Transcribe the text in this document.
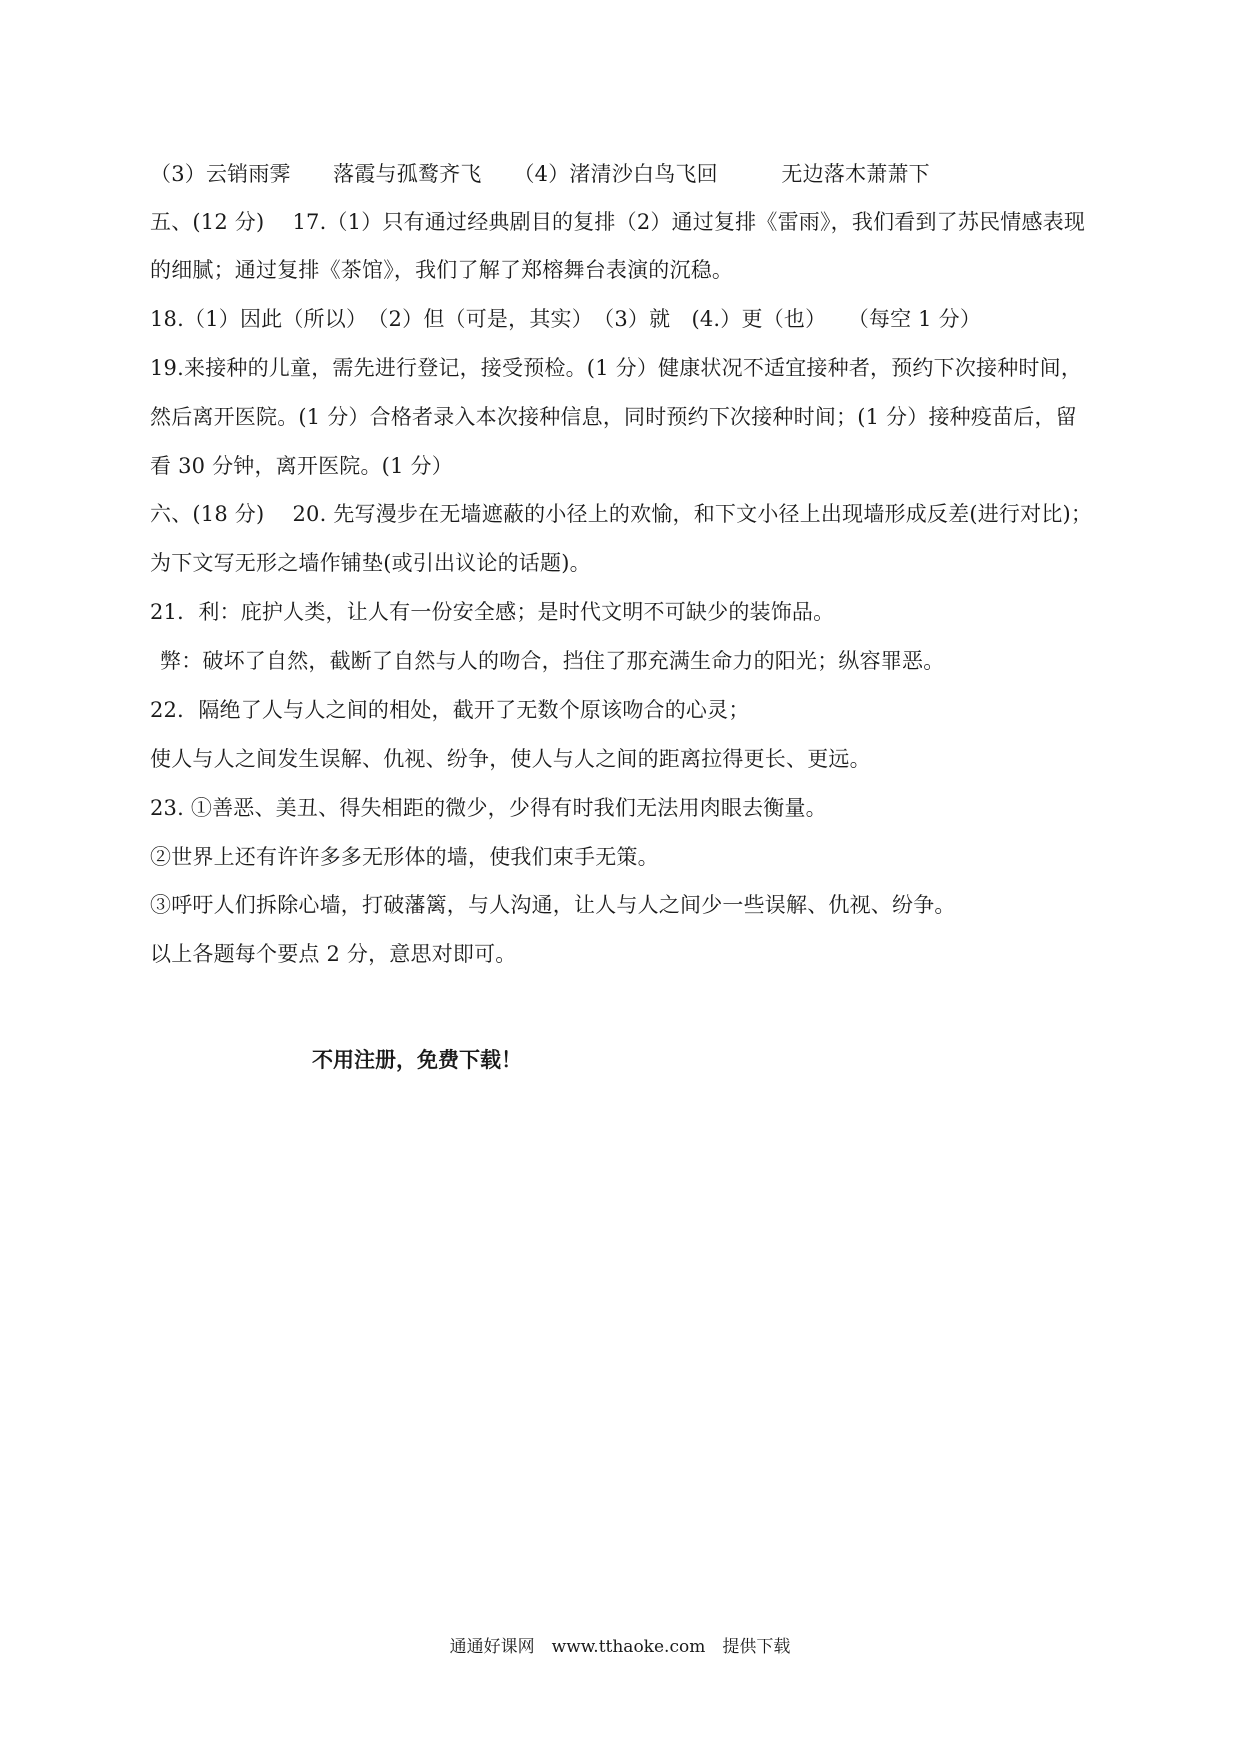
（3）云销雨霁　　落霞与孤鹜齐飞　　（4）渚清沙白鸟飞回　　　无边落木萧萧下
五、(12 分)　 17.（1）只有通过经典剧目的复排（2）通过复排《雷雨》，我们看到了苏民情感表现
的细腻；通过复排《茶馆》，我们了解了郑榕舞台表演的沉稳。
18.（1）因此（所以）　（2）但（可是，其实）　（3）就　(4.）更（也）　　（每空 1 分）
19.来接种的儿童，需先进行登记，接受预检。(1 分）健康状况不适宜接种者，预约下次接种时间，
然后离开医院。(1 分）合格者录入本次接种信息，同时预约下次接种时间；(1 分）接种疫苗后，留
看 30 分钟，离开医院。(1 分）
六、(18 分)　 20. 先写漫步在无墙遮蔽的小径上的欢愉，和下文小径上出现墙形成反差(进行对比)；
为下文写无形之墙作铺垫(或引出议论的话题)。
21．利：庇护人类，让人有一份安全感；是时代文明不可缺少的装饰品。
弊：破坏了自然，截断了自然与人的吻合，挡住了那充满生命力的阳光；纵容罪恶。
22．隔绝了人与人之间的相处，截开了无数个原该吻合的心灵；
使人与人之间发生误解、仇视、纷争，使人与人之间的距离拉得更长、更远。
23. ①善恶、美丑、得失相距的微少，少得有时我们无法用肉眼去衡量。
②世界上还有许许多多无形体的墙，使我们束手无策。
③呼吁人们拆除心墙，打破藩篱，与人沟通，让人与人之间少一些误解、仇视、纷争。
以上各题每个要点 2 分，意思对即可。
不用注册，免费下载！
通通好课网　www.tthaoke.com　提供下载
